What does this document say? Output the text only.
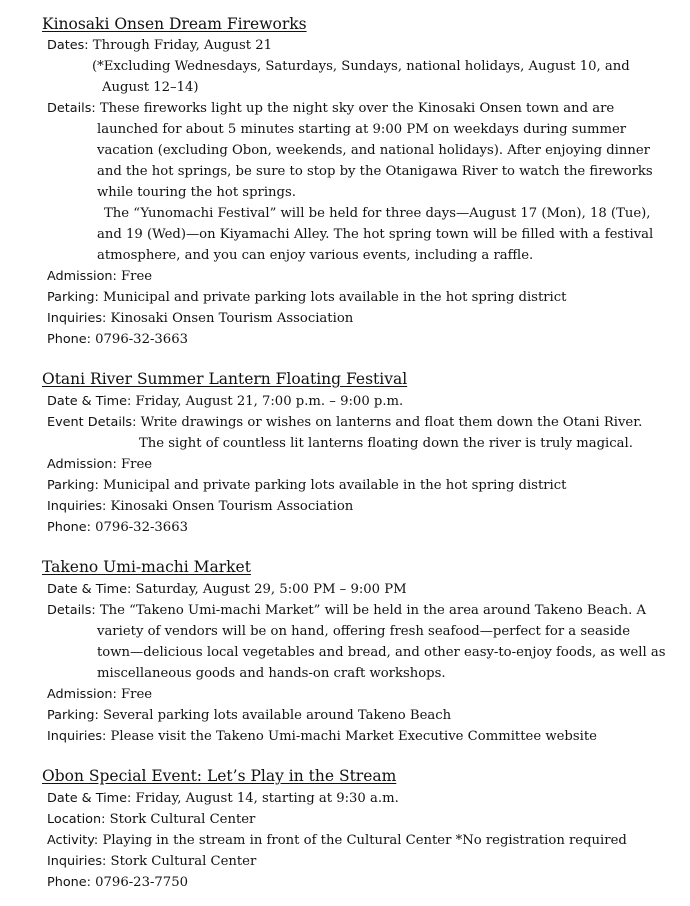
Kinosaki Onsen Dream Fireworks
Dates: Through Friday, August 21
(*Excluding Wednesdays, Saturdays, Sundays, national holidays, August 10, and
August 12–14)
Details: These fireworks light up the night sky over the Kinosaki Onsen town and are
launched for about 5 minutes starting at 9:00 PM on weekdays during summer
vacation (excluding Obon, weekends, and national holidays). After enjoying dinner
and the hot springs, be sure to stop by the Otanigawa River to watch the fireworks
while touring the hot springs.
The “Yunomachi Festival” will be held for three days—August 17 (Mon), 18 (Tue),
and 19 (Wed)—on Kiyamachi Alley. The hot spring town will be filled with a festival
atmosphere, and you can enjoy various events, including a raffle.
Admission: Free
Parking: Municipal and private parking lots available in the hot spring district
Inquiries: Kinosaki Onsen Tourism Association
Phone: 0796-32-3663
Otani River Summer Lantern Floating Festival
Date & Time: Friday, August 21, 7:00 p.m. – 9:00 p.m.
Event Details: Write drawings or wishes on lanterns and float them down the Otani River.
The sight of countless lit lanterns floating down the river is truly magical.
Admission: Free
Parking: Municipal and private parking lots available in the hot spring district
Inquiries: Kinosaki Onsen Tourism Association
Phone: 0796-32-3663
Takeno Umi-machi Market
Date & Time: Saturday, August 29, 5:00 PM – 9:00 PM
Details: The “Takeno Umi-machi Market” will be held in the area around Takeno Beach. A
variety of vendors will be on hand, offering fresh seafood—perfect for a seaside
town—delicious local vegetables and bread, and other easy-to-enjoy foods, as well as
miscellaneous goods and hands-on craft workshops.
Admission: Free
Parking: Several parking lots available around Takeno Beach
Inquiries: Please visit the Takeno Umi-machi Market Executive Committee website
Obon Special Event: Let’s Play in the Stream
Date & Time: Friday, August 14, starting at 9:30 a.m.
Location: Stork Cultural Center
Activity: Playing in the stream in front of the Cultural Center *No registration required
Inquiries: Stork Cultural Center
Phone: 0796-23-7750
